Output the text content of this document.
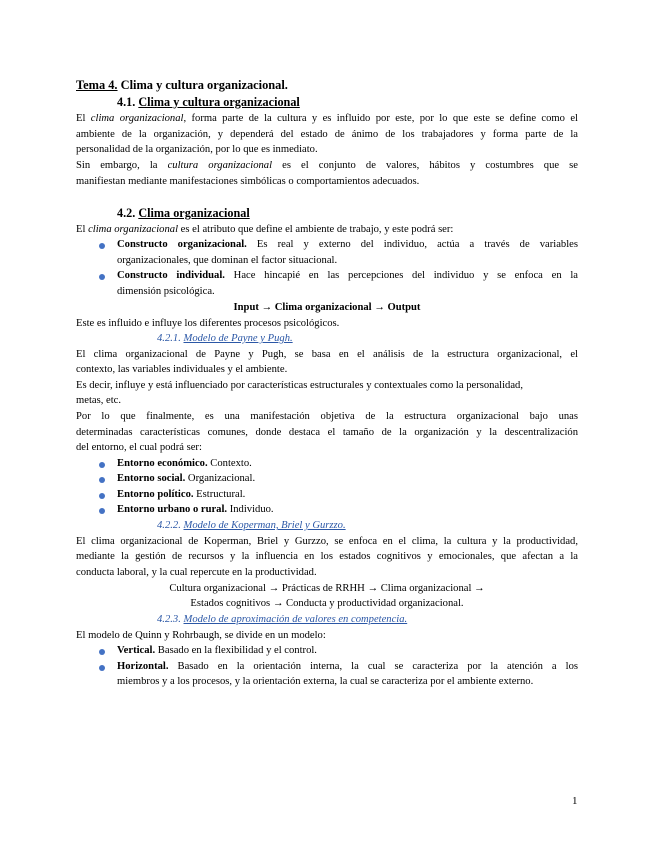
Tema 4. Clima y cultura organizacional.
4.1. Clima y cultura organizacional
El clima organizacional, forma parte de la cultura y es influido por este, por lo que este se define como el
ambiente de la organización, y dependerá del estado de ánimo de los trabajadores y forma parte de la
personalidad de la organización, por lo que es inmediato.
Sin embargo, la cultura organizacional es el conjunto de valores, hábitos y costumbres que se
manifiestan mediante manifestaciones simbólicas o comportamientos adecuados.
4.2. Clima organizacional
El clima organizacional es el atributo que define el ambiente de trabajo, y este podrá ser:
Constructo organizacional. Es real y externo del individuo, actúa a través de variables
organizacionales, que dominan el factor situacional.
Constructo individual. Hace hincapié en las percepciones del individuo y se enfoca en la
dimensión psicológica.
Input → Clima organizacional → Output
Este es influido e influye los diferentes procesos psicológicos.
4.2.1. Modelo de Payne y Pugh.
El clima organizacional de Payne y Pugh, se basa en el análisis de la estructura organizacional, el
contexto, las variables individuales y el ambiente.
Es decir, influye y está influenciado por características estructurales y contextuales como la personalidad,
metas, etc.
Por lo que finalmente, es una manifestación objetiva de la estructura organizacional bajo unas
determinadas características comunes, donde destaca el tamaño de la organización y la descentralización
del entorno, el cual podrá ser:
Entorno económico. Contexto.
Entorno social. Organizacional.
Entorno político. Estructural.
Entorno urbano o rural. Individuo.
4.2.2. Modelo de Koperman, Briel y Gurzzo.
El clima organizacional de Koperman, Briel y Gurzzo, se enfoca en el clima, la cultura y la productividad,
mediante la gestión de recursos y la influencia en los estados cognitivos y emocionales, que afectan a la
conducta laboral, y la cual repercute en la productividad.
Cultura organizacional → Prácticas de RRHH → Clima organizacional →
Estados cognitivos → Conducta y productividad organizacional.
4.2.3. Modelo de aproximación de valores en competencia.
El modelo de Quinn y Rohrbaugh, se divide en un modelo:
Vertical. Basado en la flexibilidad y el control.
Horizontal. Basado en la orientación interna, la cual se caracteriza por la atención a los
miembros y a los procesos, y la orientación externa, la cual se caracteriza por el ambiente externo.
1
